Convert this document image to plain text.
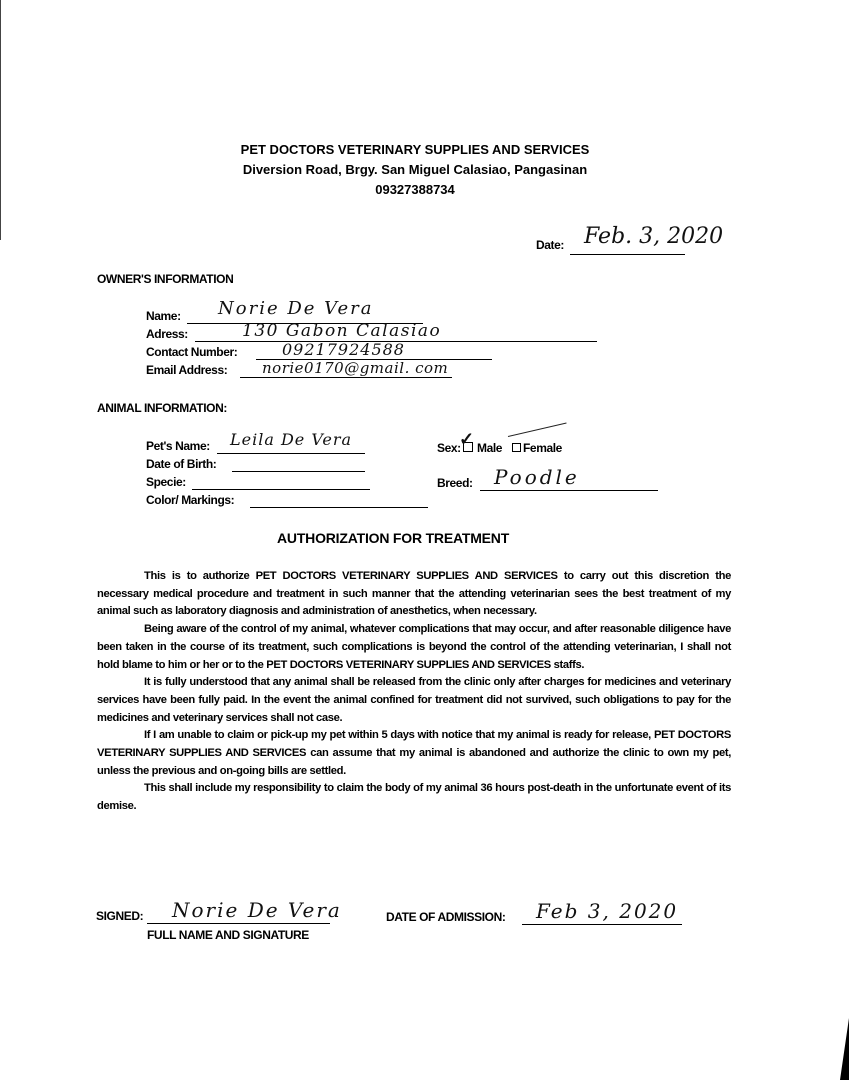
PET DOCTORS VETERINARY SUPPLIES AND SERVICES
Diversion Road, Brgy. San Miguel Calasiao, Pangasinan
09327388734
Date: Feb. 3, 2020
OWNER'S INFORMATION
Name: Norie De Vera
Adress:	130 Gabon Calasiao
Contact Number:	09217924588
Email Address: norie0170@gmail. com
ANIMAL INFORMATION:
Pet's Name: Leila De Vera
Date of Birth:
Specie:
Color/ Markings:
Sex:
✓ Male Female
Breed: Poodle
AUTHORIZATION FOR TREATMENT

This is to authorize PET DOCTORS VETERINARY SUPPLIES AND SERVICES to carry out this discretion the necessary medical procedure and treatment in such manner that the attending veterinarian sees the best treatment of my animal such as laboratory diagnosis and administration of anesthetics, when necessary.

Being aware of the control of my animal, whatever complications that may occur, and after reasonable diligence have been taken in the course of its treatment, such complications is beyond the control of the attending veterinarian, I shall not hold blame to him or her or to the PET DOCTORS VETERINARY SUPPLIES AND SERVICES staffs.

It is fully understood that any animal shall be released from the clinic only after charges for medicines and veterinary services have been fully paid. In the event the animal confined for treatment did not survived, such obligations to pay for the medicines and veterinary services shall not case.

If I am unable to claim or pick-up my pet within 5 days with notice that my animal is ready for release, PET DOCTORS VETERINARY SUPPLIES AND SERVICES can assume that my animal is abandoned and authorize the clinic to own my pet, unless the previous and on-going bills are settled.

This shall include my responsibility to claim the body of my animal 36 hours post-death in the unfortunate event of its demise.

SIGNED: Norie De Vera
FULL NAME AND SIGNATURE
DATE OF ADMISSION: Feb 3, 2020
